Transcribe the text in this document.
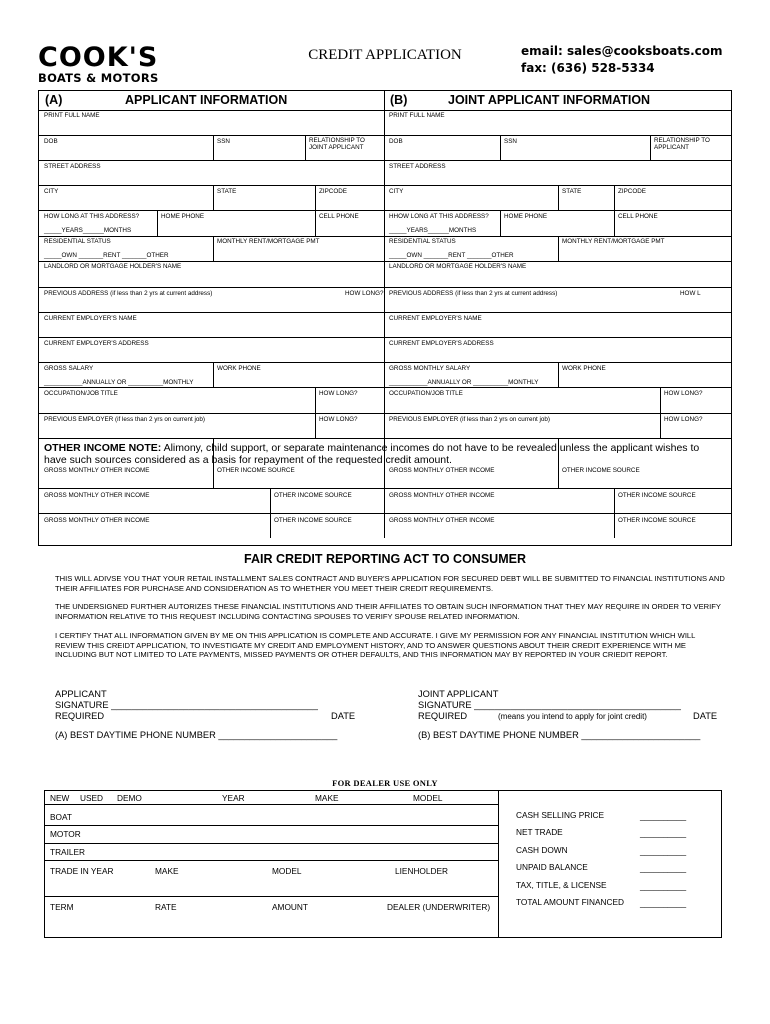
COOK'S
BOATS & MOTORS
CREDIT APPLICATION	email: sales@cooksboats.com
fax: (636) 528-5334
(A)	APPLICANT INFORMATION	(B)	JOINT APPLICANT INFORMATION
PRINT FULL NAME
DOB	SSN	RELATIONSHIP TO JOINT APPLICANT
STREET ADDRESS
CITY	STATE	ZIPCODE
HOW LONG AT THIS ADDRESS?	HOME PHONE	CELL PHONE
_____YEARS______MONTHS
RESIDENTIAL STATUS	MONTHLY RENT/MORTGAGE PMT
_____OWN _______RENT _______OTHER
LANDLORD OR MORTGAGE HOLDER'S NAME
PREVIOUS ADDRESS (if less than 2 yrs at current address)	HOW LONG?
CURRENT EMPLOYER'S NAME
CURRENT EMPLOYER'S ADDRESS
GROSS SALARY	WORK PHONE
___________ANNUALLY OR __________MONTHLY
OCCUPATION/JOB TITLE	HOW LONG?
PREVIOUS EMPLOYER (if less than 2 yrs on current job)	HOW LONG?
PRINT FULL NAME
DOB	SSN	RELATIONSHIP TO APPLICANT
STREET ADDRESS
CITY	STATE	ZIPCODE
HHOW LONG AT THIS ADDRESS? HOME PHONE	CELL PHONE
_____YEARS______MONTHS
RESIDENTIAL STATUS	MONTHLY RENT/MORTGAGE PMT
_____OWN _______RENT _______OTHER
LANDLORD OR MORTGAGE HOLDER'S NAME
PREVIOUS ADDRESS (if less than 2 yrs at current address)	HOW L
CURRENT EMPLOYER'S NAME
CURRENT EMPLOYER'S ADDRESS
GROSS MONTHLY SALARY	WORK PHONE
___________ANNUALLY OR __________MONTHLY
OCCUPATION/JOB TITLE	HOW LONG?
PREVIOUS EMPLOYER (if less than 2 yrs on current job)	HOW LONG?
OTHER INCOME NOTE: Alimony, child support, or separate maintenance incomes do not have to be revealed unless the applicant wishes to have such sources considered as a basis for repayment of the requested credit amount.
GROSS MONTHLY OTHER INCOME	OTHER INCOME SOURCE	GROSS MONTHLY OTHER INCOME	OTHER INCOME SOURCE
GROSS MONTHLY OTHER INCOME	OTHER INCOME SOURCE	GROSS MONTHLY OTHER INCOME	OTHER INCOME SOURCE
GROSS MONTHLY OTHER INCOME	OTHER INCOME SOURCE	GROSS MONTHLY OTHER INCOME	OTHER INCOME SOURCE
FAIR CREDIT REPORTING ACT TO CONSUMER
THIS WILL ADIVSE YOU THAT YOUR RETAIL INSTALLMENT SALES CONTRACT AND BUYER'S APPLICATION FOR SECURED DEBT WILL BE SUBMITTED TO FINANCIAL INSTITUTIONS AND THEIR AFFILIATES FOR PURCHASE AND CONSIDERATION AS TO WHETHER YOU MEET THEIR CREDIT REQUIREMENTS.
THE UNDERSIGNED FURTHER AUTORIZES THESE FINANCIAL INSTITUTIONS AND THEIR AFFILIATES TO OBTAIN SUCH INFORMATION THAT THEY MAY REQUIRE IN ORDER TO VERIFY INFORMATION RELATIVE TO THIS REQUEST INCLUDING CONTACTING SPOUSES TO VERIFY SPOUSE RELATED INFORMATION.
I CERTIFY THAT ALL INFORMATION GIVEN BY ME ON THIS APPLICATION IS COMPLETE AND ACCURATE. I GIVE MY PERMISSION FOR ANY FINANCIAL INSTITUTION WHICH WILL REVIEW THIS CREIDT APPLICATION, TO INVESTIGATE MY CREDIT AND EMPLOYMENT HISTORY, AND TO ANSWER QUESTIONS ABOUT THEIR CREDIT EXPERIENCE WITH ME INCLUDING BUT NOT LIMITED TO LATE PAYMENTS, MISSED PAYMENTS OR OTHER DEFAULTS, AND THIS INFORMATION MAY BY REPORTED IN YOUR CRIEDIT REPORT.
APPLICANT
SIGNATURE ________________________________________
REQUIRED	DATE
JOINT APPLICANT
SIGNATURE ________________________________________
REQUIRED	(means you intend to apply for joint credit)	DATE
(A) BEST DAYTIME PHONE NUMBER _______________________	(B) BEST DAYTIME PHONE NUMBER _______________________
FOR DEALER USE ONLY
NEW USED DEMO	YEAR	MAKE	MODEL
BOAT
MOTOR
TRAILER
TRADE IN YEAR	MAKE	MODEL	LIENHOLDER
TERM	RATE	AMOUNT	DEALER (UNDERWRITER)
CASH SELLING PRICE	__________
NET TRADE	__________
CASH DOWN	__________
UNPAID BALANCE	__________
TAX, TITLE, & LICENSE	__________
TOTAL AMOUNT FINANCED __________
